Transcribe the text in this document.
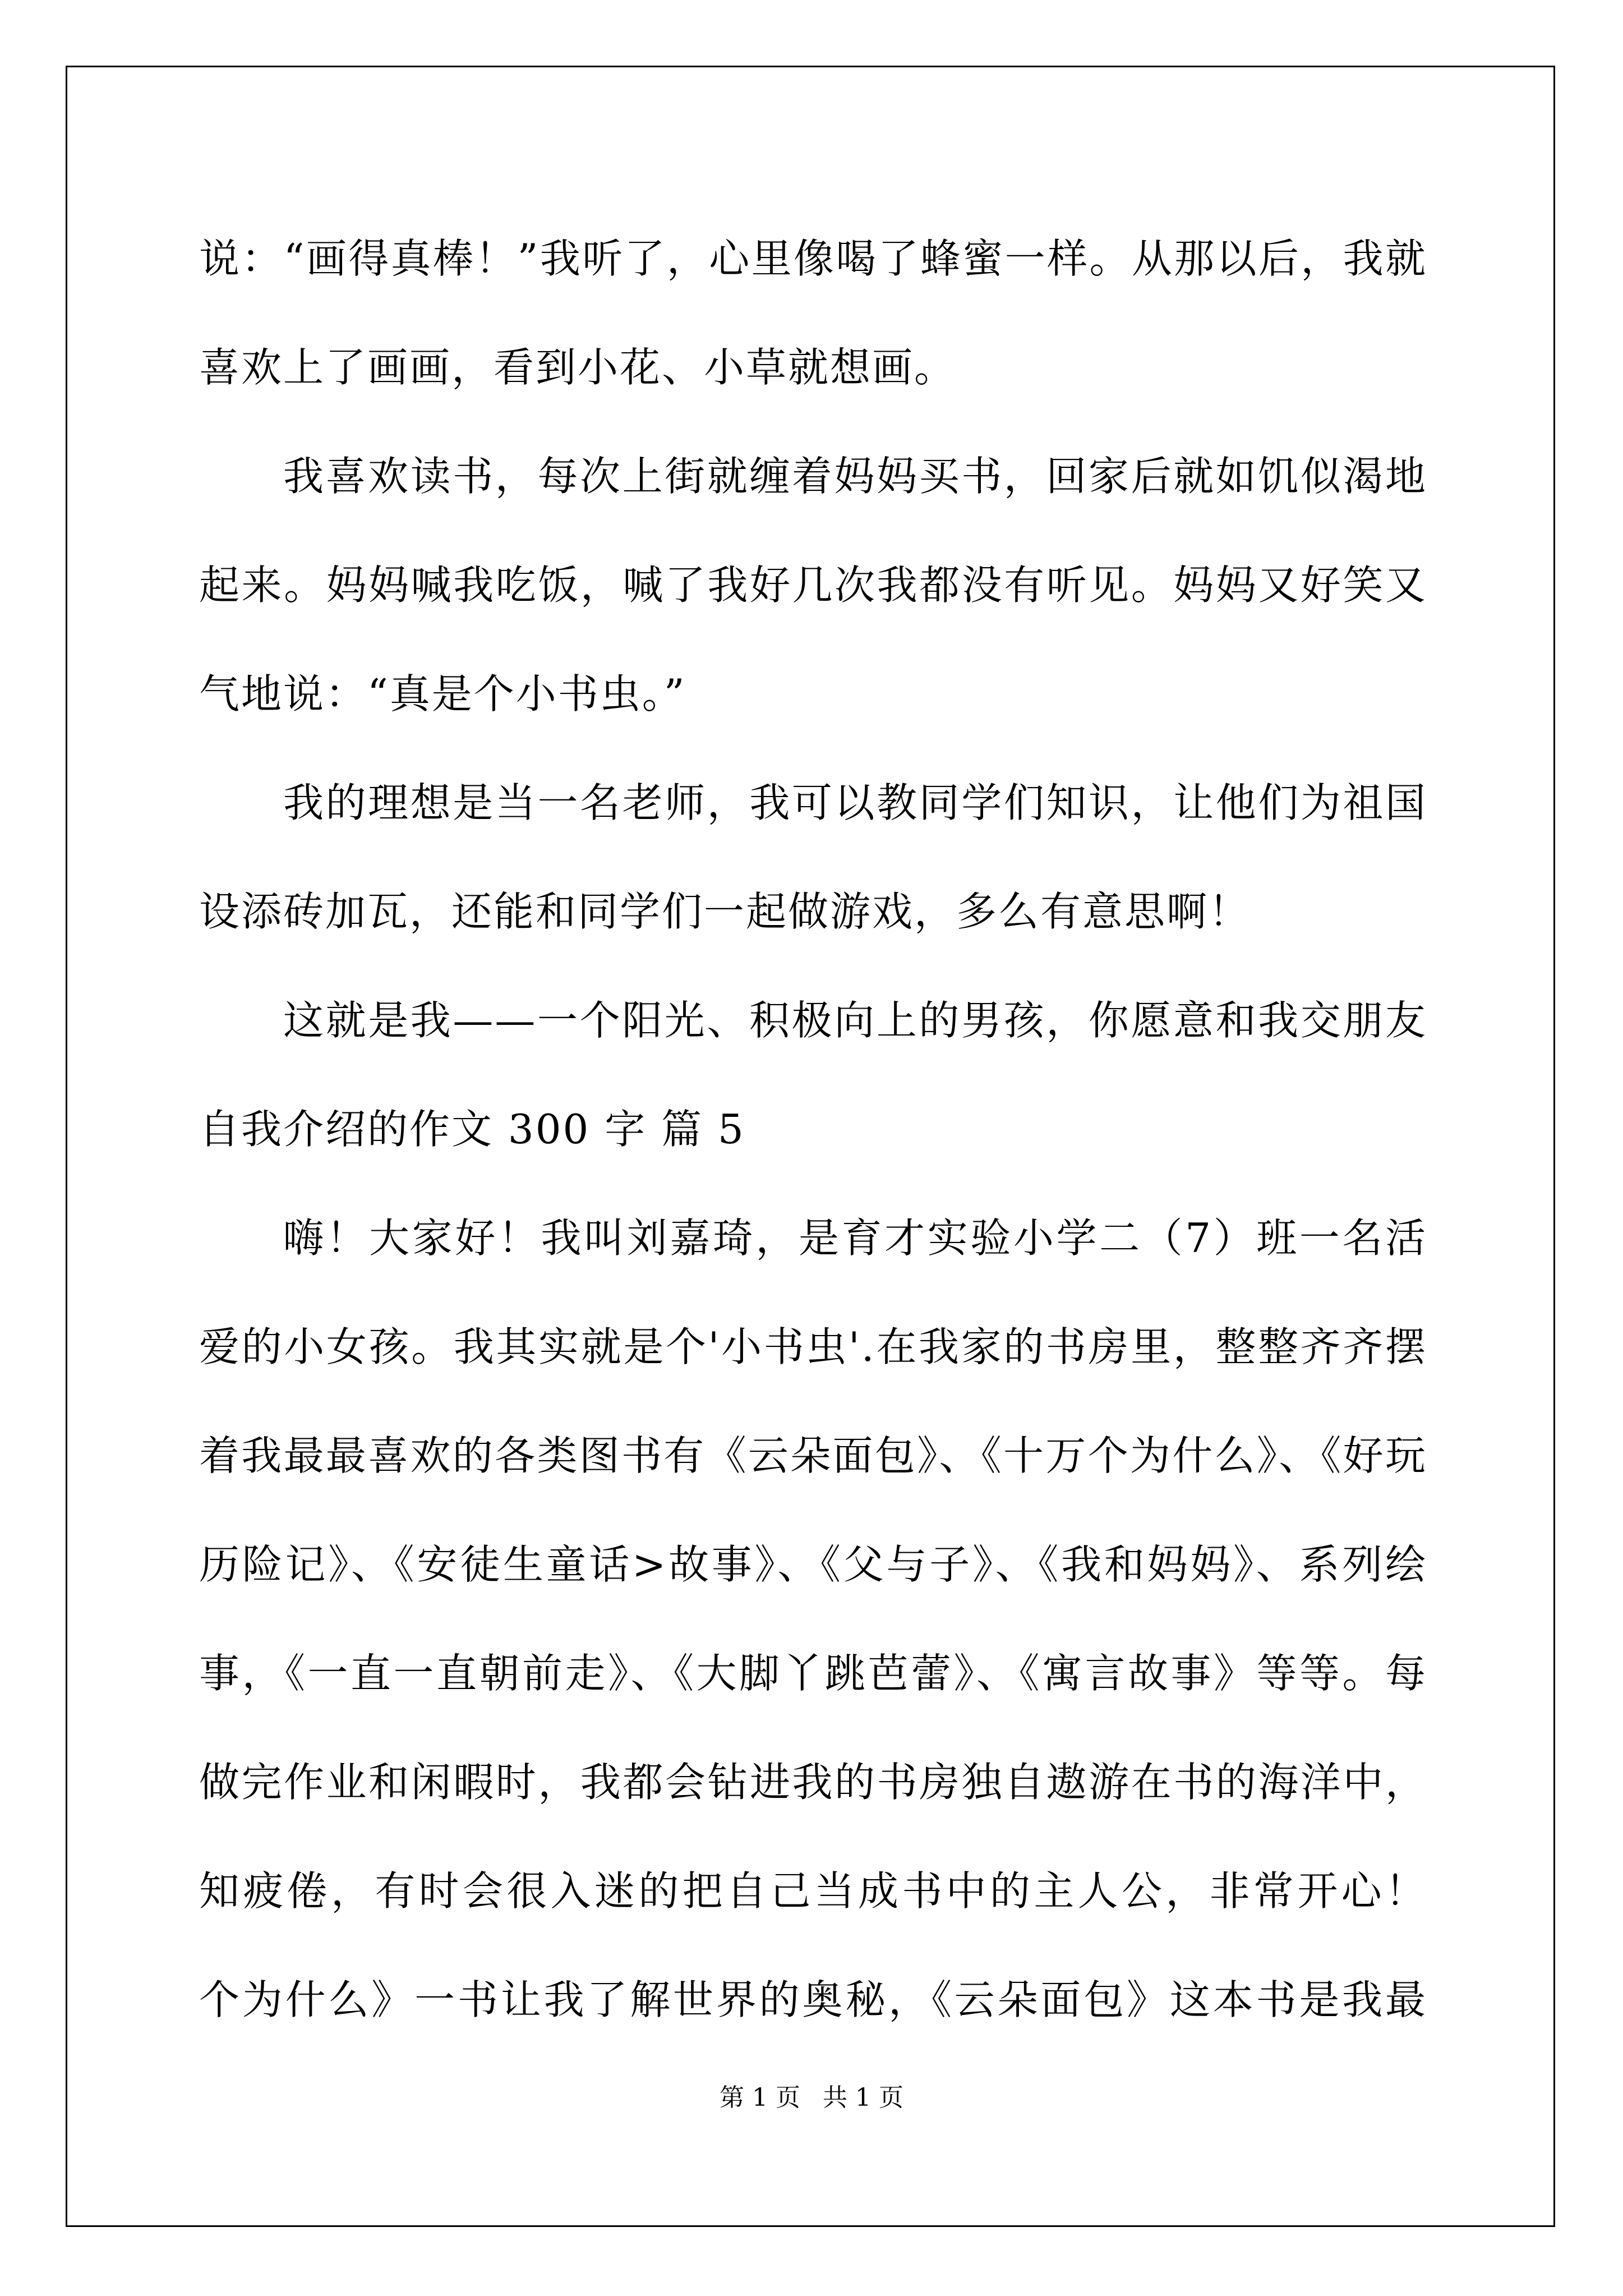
说：“画得真棒！”我听了，心里像喝了蜂蜜一样。从那以后，我就
喜欢上了画画，看到小花、小草就想画。
我喜欢读书，每次上街就缠着妈妈买书，回家后就如饥似渴地
起来。妈妈喊我吃饭，喊了我好几次我都没有听见。妈妈又好笑又
气地说：“真是个小书虫。”
我的理想是当一名老师，我可以教同学们知识，让他们为祖国
设添砖加瓦，还能和同学们一起做游戏，多么有意思啊！
这就是我——一个阳光、积极向上的男孩，你愿意和我交朋友
自我介绍的作文 300 字 篇 5
嗨！大家好！我叫刘嘉琦，是育才实验小学二（7）班一名活
爱的小女孩。我其实就是个'小书虫'.在我家的书房里，整整齐齐摆
着我最最喜欢的各类图书有《云朵面包》、《十万个为什么》、《好玩
历险记》、《安徒生童话>故事》、《父与子》、《我和妈妈》、系列绘
事，《一直一直朝前走》、《大脚丫跳芭蕾》、《寓言故事》等等。每
做完作业和闲暇时，我都会钻进我的书房独自遨游在书的海洋中，
知疲倦，有时会很入迷的把自己当成书中的主人公，非常开心！
个为什么》一书让我了解世界的奥秘，《云朵面包》这本书是我最
第 1 页 共 1 页
